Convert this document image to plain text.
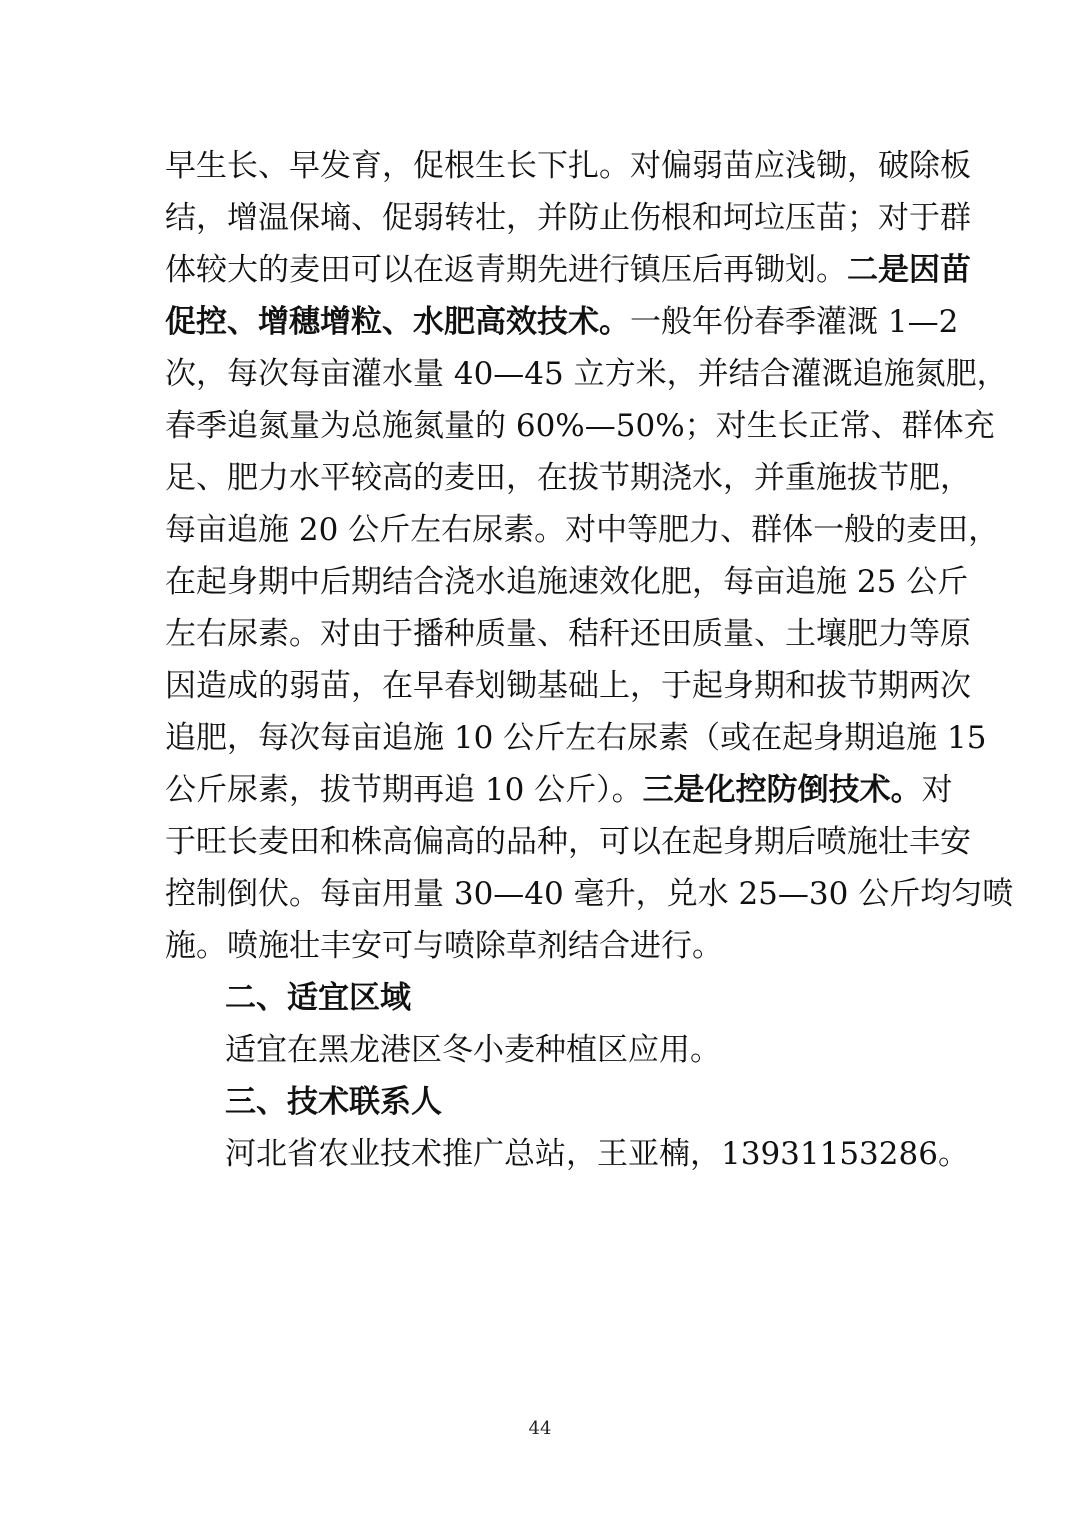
早生长、早发育，促根生长下扎。对偏弱苗应浅锄，破除板
结，增温保墒、促弱转壮，并防止伤根和坷垃压苗；对于群
体较大的麦田可以在返青期先进行镇压后再锄划。二是因苗
促控、增穗增粒、水肥高效技术。一般年份春季灌溉 1—2
次，每次每亩灌水量 40—45 立方米，并结合灌溉追施氮肥，
春季追氮量为总施氮量的 60%—50%；对生长正常、群体充
足、肥力水平较高的麦田，在拔节期浇水，并重施拔节肥，
每亩追施 20 公斤左右尿素。对中等肥力、群体一般的麦田，
在起身期中后期结合浇水追施速效化肥，每亩追施 25 公斤
左右尿素。对由于播种质量、秸秆还田质量、土壤肥力等原
因造成的弱苗，在早春划锄基础上，于起身期和拔节期两次
追肥，每次每亩追施 10 公斤左右尿素（或在起身期追施 15
公斤尿素，拔节期再追 10 公斤）。三是化控防倒技术。对
于旺长麦田和株高偏高的品种，可以在起身期后喷施壮丰安
控制倒伏。每亩用量 30—40 毫升，兑水 25—30 公斤均匀喷
施。喷施壮丰安可与喷除草剂结合进行。
二、适宜区域
适宜在黑龙港区冬小麦种植区应用。
三、技术联系人
河北省农业技术推广总站，王亚楠，13931153286。
44
